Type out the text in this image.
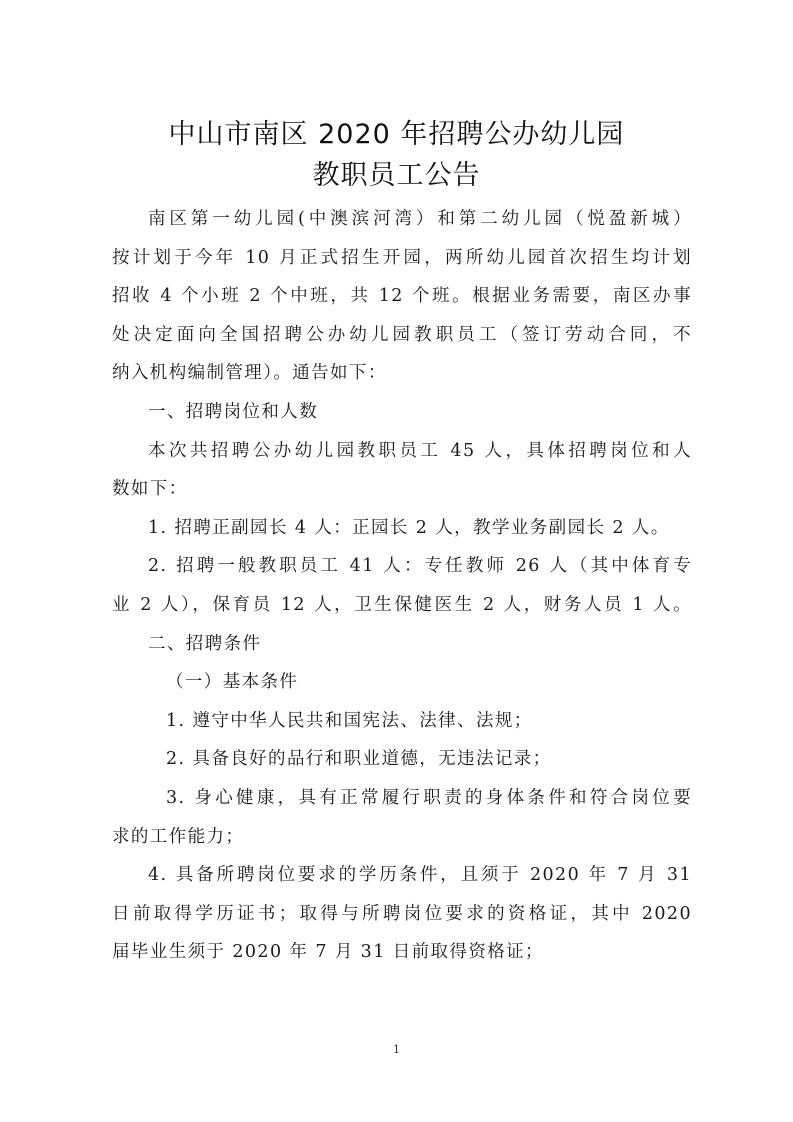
中山市南区 2020 年招聘公办幼儿园
教职员工公告

南区第一幼儿园(中澳滨河湾）和第二幼儿园（悦盈新城）

按计划于今年 10 月正式招生开园，两所幼儿园首次招生均计划

招收 4 个小班 2 个中班，共 12 个班。根据业务需要，南区办事

处决定面向全国招聘公办幼儿园教职员工（签订劳动合同，不

纳入机构编制管理）。通告如下：

一、招聘岗位和人数

本次共招聘公办幼儿园教职员工 45 人，具体招聘岗位和人

数如下：

1. 招聘正副园长 4 人：正园长 2 人，教学业务副园长 2 人。

2. 招聘一般教职员工 41 人：专任教师 26 人（其中体育专

业 2 人），保育员 12 人，卫生保健医生 2 人，财务人员 1 人。

二、招聘条件

（一）基本条件

1. 遵守中华人民共和国宪法、法律、法规；

2. 具备良好的品行和职业道德，无违法记录；

3. 身心健康，具有正常履行职责的身体条件和符合岗位要

求的工作能力；

4. 具备所聘岗位要求的学历条件，且须于 2020 年 7 月 31

日前取得学历证书；取得与所聘岗位要求的资格证，其中 2020

届毕业生须于 2020 年 7 月 31 日前取得资格证；

1
